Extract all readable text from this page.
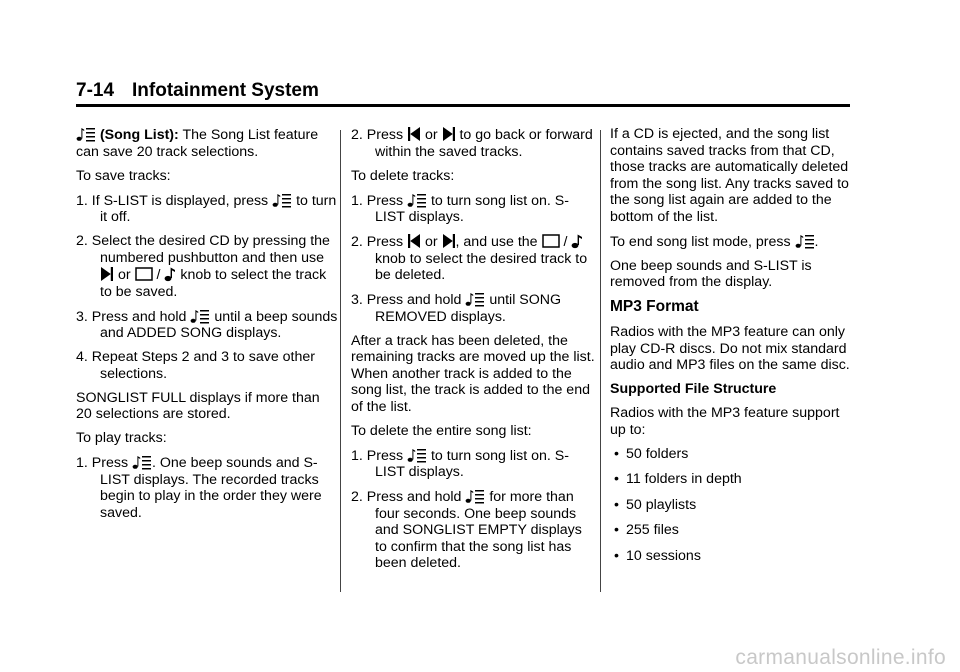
7-14 Infotainment System

(Song List): The Song List feature can save 20 track selections.

To save tracks:

1. If S-LIST is displayed, press to turn it off.

2. Select the desired CD by pressing the numbered pushbutton and then use
or / knob to select the track to be saved.

3. Press and hold until a beep sounds and ADDED SONG displays.

4. Repeat Steps 2 and 3 to save other selections.

SONGLIST FULL displays if more than 20 selections are stored.

To play tracks:

1. Press . One beep sounds and S-LIST displays. The recorded tracks begin to play in the order they were saved.

2. Press or to go back or forward within the saved tracks.

To delete tracks:

1. Press to turn song list on. S-LIST displays.

2. Press or , and use the /
knob to select the desired track to be deleted.

3. Press and hold until SONG REMOVED displays.

After a track has been deleted, the remaining tracks are moved up the list. When another track is added to the song list, the track is added to the end of the list.

To delete the entire song list:

1. Press to turn song list on. S-LIST displays.

2. Press and hold for more than four seconds. One beep sounds and SONGLIST EMPTY displays to confirm that the song list has been deleted.

If a CD is ejected, and the song list contains saved tracks from that CD, those tracks are automatically deleted from the song list. Any tracks saved to the song list again are added to the bottom of the list.

To end song list mode, press .

One beep sounds and S-LIST is removed from the display.

MP3 Format

Radios with the MP3 feature can only play CD-R discs. Do not mix standard audio and MP3 files on the same disc.

Supported File Structure

Radios with the MP3 feature support up to:

• 50 folders
• 11 folders in depth
• 50 playlists
• 255 files
• 10 sessions
carmanualsonline.info
